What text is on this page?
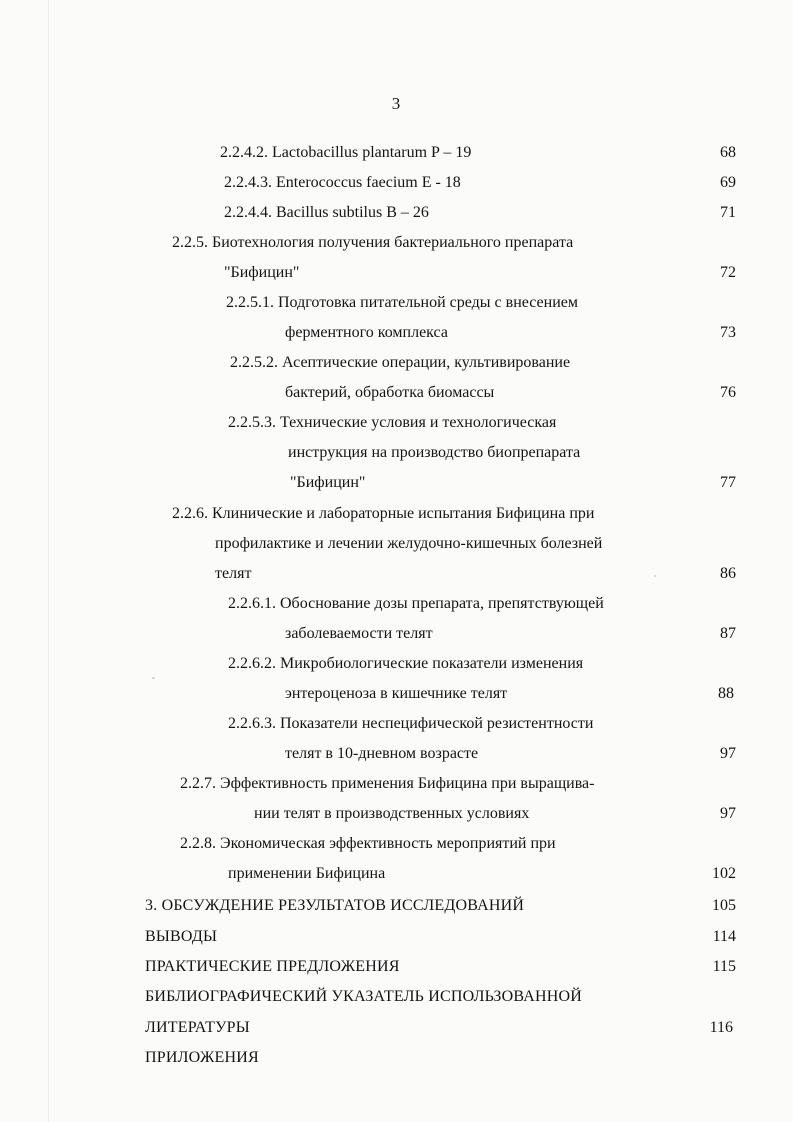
3
2.2.4.2. Lactobacillus plantarum P – 19	68
2.2.4.3. Enterococcus faecium E - 18	69
2.2.4.4. Bacillus subtilus B – 26	71
2.2.5. Биотехнология получения бактериального препарата
"Бифицин"	72
2.2.5.1. Подготовка питательной среды с внесением
ферментного комплекса	73
2.2.5.2. Асептические операции, культивирование
бактерий, обработка биомассы	76
2.2.5.3. Технические условия и технологическая
инструкция на производство биопрепарата
"Бифицин"	77
2.2.6. Клинические и лабораторные испытания Бифицина при
профилактике и лечении желудочно-кишечных болезней
телят	86
2.2.6.1. Обоснование дозы препарата, препятствующей
заболеваемости телят	87
2.2.6.2. Микробиологические показатели изменения
энтероценоза в кишечнике телят	88
2.2.6.3. Показатели неспецифической резистентности
телят в 10-дневном возрасте	97
2.2.7. Эффективность применения Бифицина при выращива-
нии телят в производственных условиях	97
2.2.8. Экономическая эффективность мероприятий при
применении Бифицина	102
3. ОБСУЖДЕНИЕ РЕЗУЛЬТАТОВ ИССЛЕДОВАНИЙ	105
ВЫВОДЫ	114
ПРАКТИЧЕСКИЕ ПРЕДЛОЖЕНИЯ	115
БИБЛИОГРАФИЧЕСКИЙ УКАЗАТЕЛЬ ИСПОЛЬЗОВАННОЙ
ЛИТЕРАТУРЫ	116
ПРИЛОЖЕНИЯ
